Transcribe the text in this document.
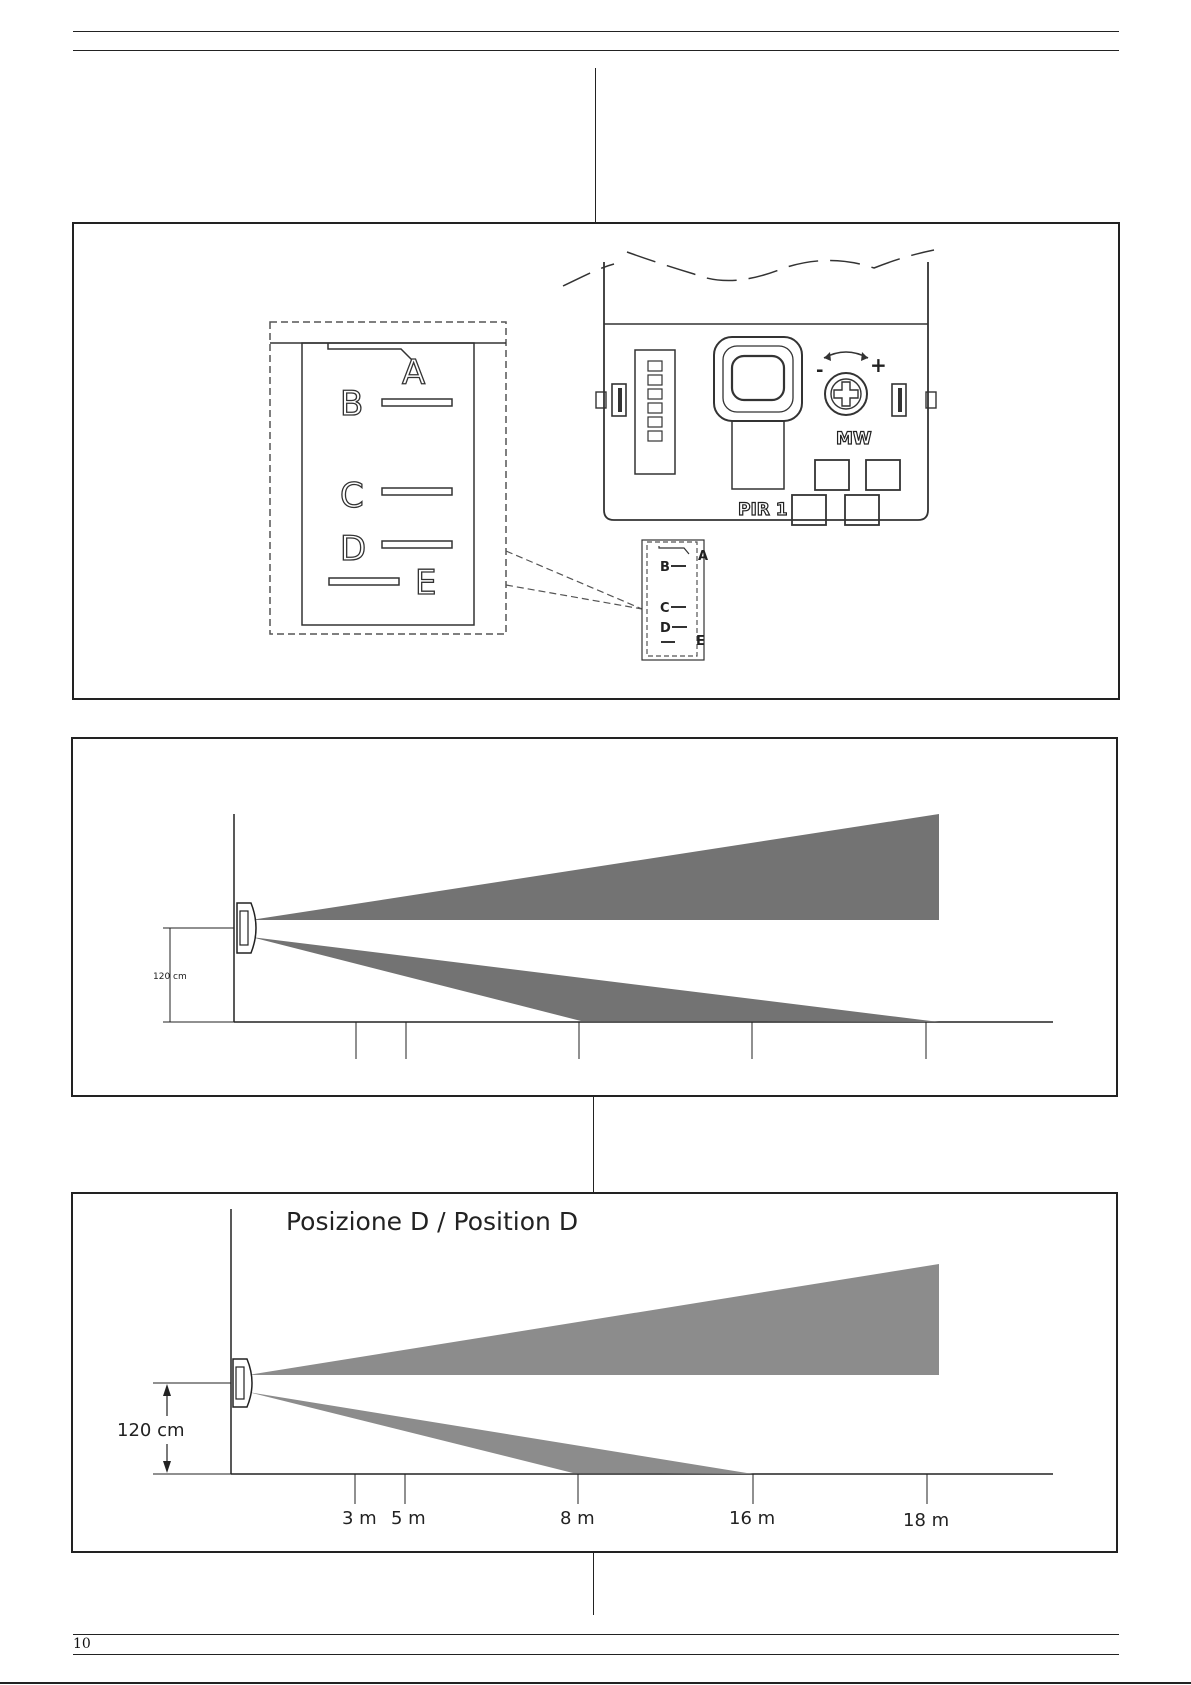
A
B
C
D
E
- +
MW
PIR 1
A
B
C
D
E
120 cm
Posizione D / Position D
120 cm
3 m 5 m	8 m	16 m	18 m
10
